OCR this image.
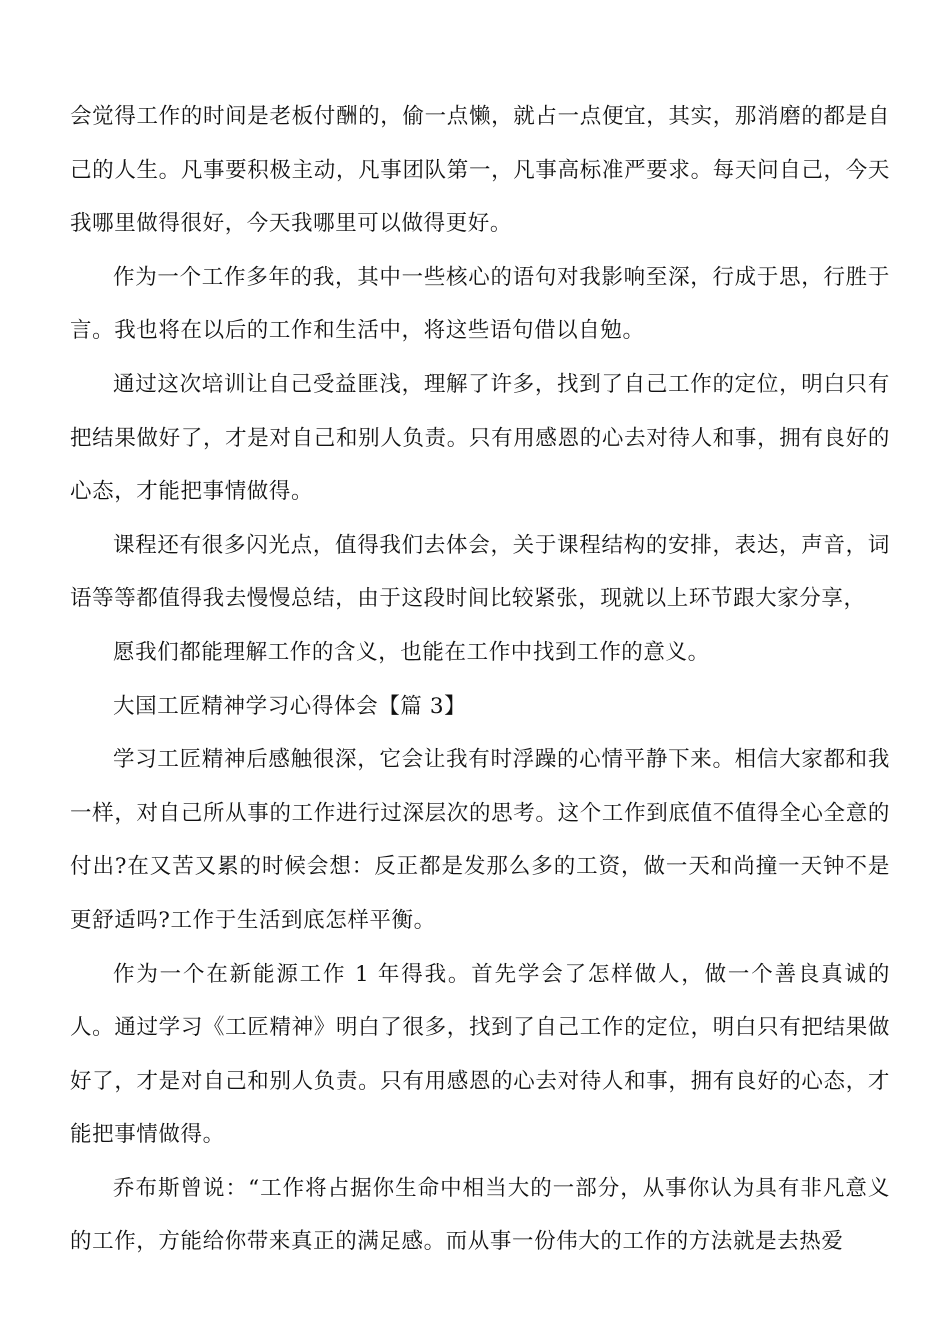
会觉得工作的时间是老板付酬的，偷一点懒，就占一点便宜，其实，那消磨的都是自己的人生。凡事要积极主动，凡事团队第一，凡事高标准严要求。每天问自己，今天我哪里做得很好，今天我哪里可以做得更好。

作为一个工作多年的我，其中一些核心的语句对我影响至深，行成于思，行胜于言。我也将在以后的工作和生活中，将这些语句借以自勉。

通过这次培训让自己受益匪浅，理解了许多，找到了自己工作的定位，明白只有把结果做好了，才是对自己和别人负责。只有用感恩的心去对待人和事，拥有良好的心态，才能把事情做得。

课程还有很多闪光点，值得我们去体会，关于课程结构的安排，表达，声音，词语等等都值得我去慢慢总结，由于这段时间比较紧张，现就以上环节跟大家分享，

愿我们都能理解工作的含义，也能在工作中找到工作的意义。

大国工匠精神学习心得体会【篇 3】

学习工匠精神后感触很深，它会让我有时浮躁的心情平静下来。相信大家都和我一样，对自己所从事的工作进行过深层次的思考。这个工作到底值不值得全心全意的付出?在又苦又累的时候会想：反正都是发那么多的工资，做一天和尚撞一天钟不是更舒适吗?工作于生活到底怎样平衡。

作为一个在新能源工作 1 年得我。首先学会了怎样做人，做一个善良真诚的人。通过学习《工匠精神》明白了很多，找到了自己工作的定位，明白只有把结果做好了，才是对自己和别人负责。只有用感恩的心去对待人和事，拥有良好的心态，才能把事情做得。

乔布斯曾说：“工作将占据你生命中相当大的一部分，从事你认为具有非凡意义的工作，方能给你带来真正的满足感。而从事一份伟大的工作的方法就是去热爱
